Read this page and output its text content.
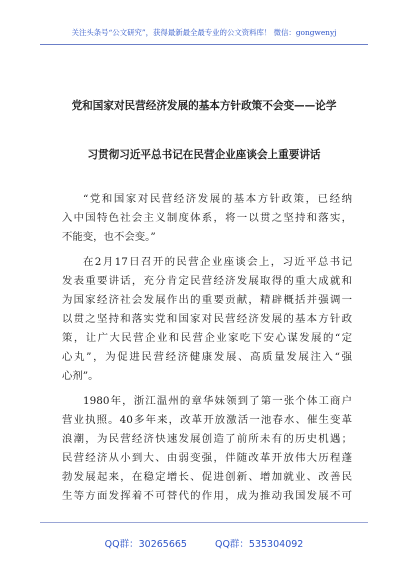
关注头条号“公文研究”，获得最新最全最专业的公文资料库！ 微信：gongwenyj
党和国家对民营经济发展的基本方针政策不会变——论学
习贯彻习近平总书记在民营企业座谈会上重要讲话
“党和国家对民营经济发展的基本方针政策，已经纳
入中国特色社会主义制度体系，将一以贯之坚持和落实，
不能变，也不会变。”
在2月17日召开的民营企业座谈会上，习近平总书记
发表重要讲话，充分肯定民营经济发展取得的重大成就和
为国家经济社会发展作出的重要贡献，精辟概括并强调一
以贯之坚持和落实党和国家对民营经济发展的基本方针政
策，让广大民营企业和民营企业家吃下安心谋发展的“定
心丸”，为促进民营经济健康发展、高质量发展注入“强
心剂”。
1980年，浙江温州的章华妹领到了第一张个体工商户
营业执照。40多年来，改革开放激活一池春水、催生变革
浪潮，为民营经济快速发展创造了前所未有的历史机遇；
民营经济从小到大、由弱变强，伴随改革开放伟大历程蓬
勃发展起来，在稳定增长、促进创新、增加就业、改善民
生等方面发挥着不可替代的作用，成为推动我国发展不可
QQ群：30265665	QQ群：535304092
